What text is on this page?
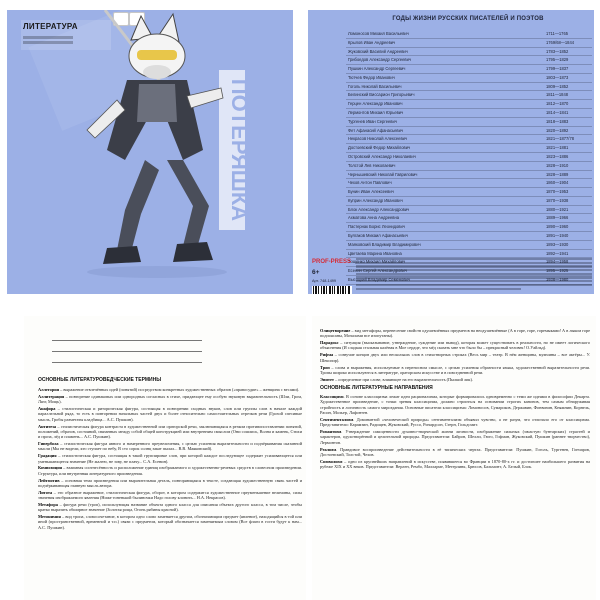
ЛИТЕРАТУРА
ПОТЕРЯШКА
ГОДЫ ЖИЗНИ РУССКИХ ПИСАТЕЛЕЙ И ПОЭТОВ
Ломоносов Михаил Васильевич	1711—1765
Крылов Иван Андреевич	1769/68—1844
Жуковский Василий Андреевич	1783—1852
Грибоедов Александр Сергеевич	1795—1829
Пушкин Александр Сергеевич	1799—1837
Тютчев Федор Иванович	1803—1873
Гоголь Николай Васильевич	1809—1852
Белинский Виссарион Григорьевич	1811—1848
Герцен Александр Иванович	1812—1870
Лермонтов Михаил Юрьевич	1814—1841
Тургенев Иван Сергеевич	1818—1883
Фет Афанасий Афанасьевич	1820—1892
Некрасов Николай Алексеевич	1821—1877/78
Достоевский Федор Михайлович	1821—1881
Островский Александр Николаевич	1823—1886
Толстой Лев Николаевич	1828—1910
Чернышевский Николай Гаврилович	1828—1889
Чехов Антон Павлович	1860—1904
Бунин Иван Алексеевич	1870—1953
Куприн Александр Иванович	1870—1938
Блок Александр Александрович	1880—1921
Ахматова Анна Андреевна	1889—1966
Пастернак Борис Леонидович	1890—1960
Булгаков Михаил Афанасьевич	1891—1940
Маяковский Владимир Владимирович	1893—1930
Цветаева Марина Ивановна	1892—1941
Зощенко Михаил Михайлович	1894—1958
Есенин Сергей Александрович	1895—1925
Высоцкий Владимир Семенович	1938—1980
PROF-PRESS
6+
Арт. 748-1499
ОСНОВНЫЕ ЛИТЕРАТУРОВЕДЧЕСКИЕ ТЕРМИНЫ
Аллегория – выражение отвлечённых идей (понятий) посредством конкретных художественных образов («правосудие» – женщина с весами).
Аллитерация – повторение одинаковых или однородных согласных в стихе, придающее ему особую звуковую выразительность (Шли, Гром, Лязг, Мощь).
Анафора – стилистическая и риторическая фигура, состоящая в повторении сходных звуков, слов или группы слов в начале каждой параллельной ряда, то есть в повторении начальных частей двух и более относительно самостоятельных отрезков речи (Грозой спесивые мысль, Гробы разметаты кладбища... А.С. Пушкин).
Антитеза – стилистическая фигура контраста в художественной или ораторской речи, заключающаяся в резком противопоставлении понятий, положений, образов, состояний, связанных между собой общей конструкцией или внутренним смыслом (Они сошлись, Волна и камень, Стихи и проза, лёд и пламень... А.С. Пушкин).
Гипербола – стилистическая фигура явного и намеренного преувеличения, с целью усиления выразительности и подчёркивания сказанной мысли (Мы не видели, кто ступает по небу, В сто сорок солнц закат пылал... В.В. Маяковский).
Градация – стилистическая фигура, состоящая в такой группировке слов, при которой каждое последующее содержит усиливающееся или уменьшающееся значение (Не жалею, не зову, не плачу... С.А. Есенин).
Композиция – взаимная соотнесённость и расположение единиц изображаемого и художественно-речевых средств в словесном произведении. Структура, или внутренняя литературного произведения.
Лейтмотив – основная тема произведения или выразительная деталь, повторяющаяся в тексте, создающая художественную связь частей и подчёркивающая главную мысль автора.
Литота – это образное выражение, стилистическая фигура, оборот, в котором содержится художественное преуменьшение величины, силы значения изображаемого явления (Ниже тоненькой былиночки Надо голову клонить... Н.А. Некрасов).
Метафора – фигура речи (троп), использующая название объекта одного класса для описания объекта другого класса, в том числе, чтобы кратко выразить обширное значение (Золотая роща, Огонь рябины красной).
Метонимия – вид тропа, словосочетание, в котором одно слово заменяется другим, обозначающим предмет (явление), находящийся в той или иной (пространственной, временной и т.п.) связи с предметом, который обозначается заменяемым словом (Все флаги в гости будут к нам... А.С. Пушкин).
Олицетворение – вид метафоры, перенесение свойств одушевлённых предметов на неодушевлённые (А в горе, горе, горемыками! А в лыком горе подпоясаны, Мочалами все изопутаны).
Парадокс – ситуация (высказывание, утверждение, суждение или вывод), которая может существовать в реальности, но не имеет логического объяснения (И сладкая стальная калёная в Мое сердце, что мёд сказать мне что было бы – прекрасный человек! О.Уайльд).
Рифма – созвучие концов двух или нескольких слов в стихотворных строках (Весь мир – театр. В нём женщины, мужчины – все актёры... У. Шекспир).
Троп – слова и выражения, используемые в переносном смысле, с целью усиления образности языка, художественной выразительности речи. Тропы широко используются в литературе, ораторском искусстве и в повседневной речи.
Эпитет – определение при слове, влияющее на его выразительность (Пылкий лик).
ОСНОВНЫЕ ЛИТЕРАТУРНЫЕ НАПРАВЛЕНИЯ
Классицизм. В основе классицизма лежат идеи рационализма, которые формировались одновременно с теми же идеями в философии Декарта. Художественное произведение, с точки зрения классицизма, должно строиться на основании строгих канонов, тем самым обнаруживая стройность и логичность самого мироздания. Основные писатели классицизма: Ломоносов, Сумароков, Державин, Фонвизин, Княжнин, Корнель, Расин, Мольер, Лафонтен.
Сентиментализм. Доминантой «человеческой природы» сентиментализм объявил чувство, а не разум, что отличало его от классицизма. Представители: Карамзин, Радищев, Жуковский, Руссо, Ричардсон, Стерн, Гольдсмит.
Романтизм. Утверждение самоценности духовно-творческой жизни личности, изображение сильных (зачастую бунтарских) страстей и характеров, одухотворённой и целительной природы. Представители: Байрон, Шелли, Гюго, Гофман, Жуковский, Пушкин (раннее творчество), Лермонтов.
Реализм. Правдивое воспроизведение действительности в её типических чертах. Представители: Пушкин, Гоголь, Тургенев, Гончаров, Достоевский, Толстой, Чехов.
Символизм – одно из крупнейших направлений в искусстве, появившееся во Франции в 1870-80-х гг. и достигшее наибольшего развития на рубеже XIX и XX веков. Представители: Верлен, Рембо, Малларме, Метерлинк, Брюсов, Бальмонт, А. Белый, Блок.
